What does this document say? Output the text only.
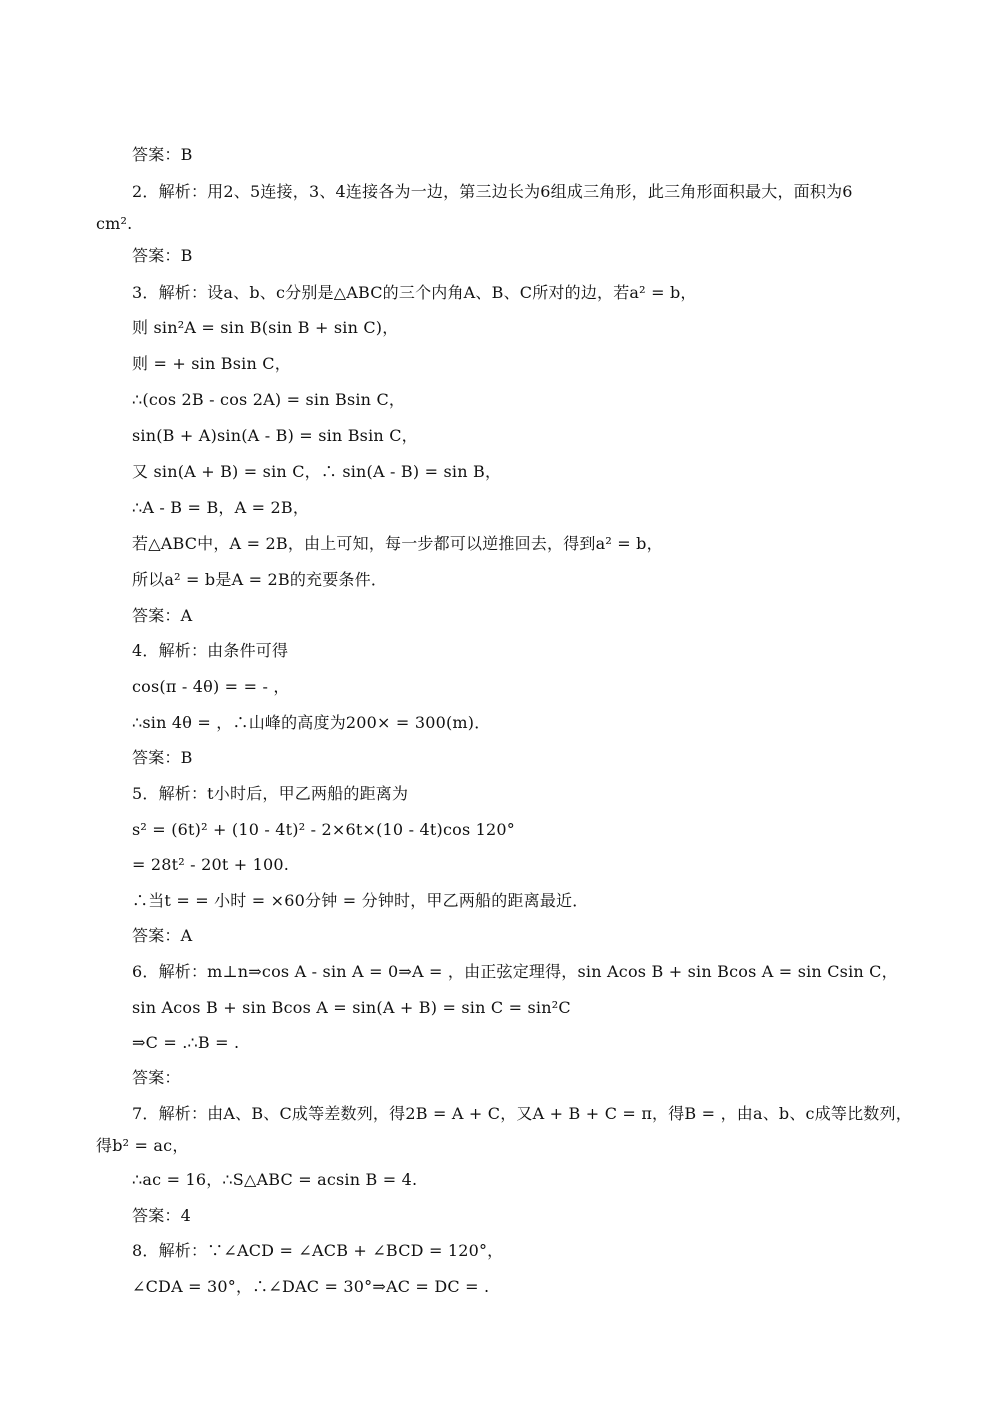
答案：B
2．解析：用2、5连接，3、4连接各为一边，第三边长为6组成三角形，此三角形面积最大，面积为6
cm².
答案：B
3．解析：设a、b、c分别是△ABC的三个内角A、B、C所对的边，若a² = b，
则 sin²A = sin B(sin B + sin C)，
则 = + sin Bsin C，
∴(cos 2B - cos 2A) = sin Bsin C，
sin(B + A)sin(A - B) = sin Bsin C，
又 sin(A + B) = sin C，∴ sin(A - B) = sin B，
∴A - B = B，A = 2B，
若△ABC中，A = 2B，由上可知，每一步都可以逆推回去，得到a² = b，
所以a² = b是A = 2B的充要条件．
答案：A
4．解析：由条件可得
cos(π - 4θ) = = - ，
∴sin 4θ = ，∴山峰的高度为200× = 300(m)．
答案：B
5．解析：t小时后，甲乙两船的距离为
s² = (6t)² + (10 - 4t)² - 2×6t×(10 - 4t)cos 120°
= 28t² - 20t + 100.
∴当t = = 小时 = ×60分钟 = 分钟时，甲乙两船的距离最近．
答案：A
6．解析：m⊥n⇒cos A - sin A = 0⇒A = ，由正弦定理得，sin Acos B + sin Bcos A = sin Csin C，
sin Acos B + sin Bcos A = sin(A + B) = sin C = sin²C
⇒C = .∴B = .
答案：
7．解析：由A、B、C成等差数列，得2B = A + C，又A + B + C = π，得B = ，由a、b、c成等比数列，
得b² = ac，
∴ac = 16，∴S△ABC = acsin B = 4.
答案：4
8．解析：∵∠ACD = ∠ACB + ∠BCD = 120°，
∠CDA = 30°，∴∠DAC = 30°⇒AC = DC = .
